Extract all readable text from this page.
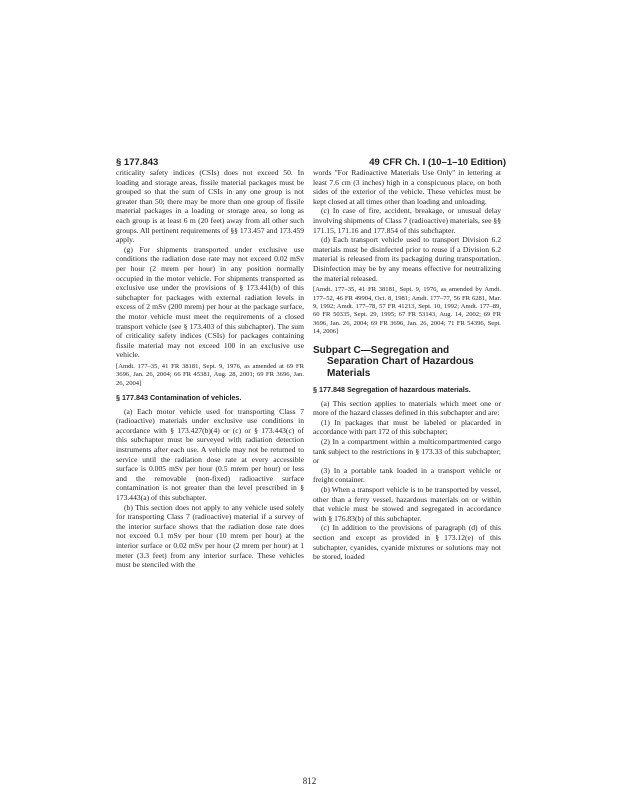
§ 177.843	49 CFR Ch. I (10–1–10 Edition)

criticality safety indices (CSIs) does not exceed 50. In loading and storage areas, fissile material packages must be grouped so that the sum of CSIs in any one group is not greater than 50; there may be more than one group of fissile material packages in a loading or storage area, so long as each group is at least 6 m (20 feet) away from all other such groups. All pertinent requirements of §§ 173.457 and 173.459 apply.

(g) For shipments transported under exclusive use conditions the radiation dose rate may not exceed 0.02 mSv per hour (2 mrem per hour) in any position normally occupied in the motor vehicle. For shipments transported as exclusive use under the provisions of § 173.441(b) of this subchapter for packages with external radiation levels in excess of 2 mSv (200 mrem) per hour at the package surface, the motor vehicle must meet the requirements of a closed transport vehicle (see § 173.403 of this subchapter). The sum of criticality safety indices (CSIs) for packages containing fissile material may not exceed 100 in an exclusive use vehicle.

[Amdt. 177–35, 41 FR 38181, Sept. 9, 1976, as amended at 69 FR 3696, Jan. 26, 2004; 66 FR 45381, Aug. 28, 2001; 69 FR 3696, Jan. 26, 2004]

§ 177.843 Contamination of vehicles.

(a) Each motor vehicle used for transporting Class 7 (radioactive) materials under exclusive use conditions in accordance with § 173.427(b)(4) or (c) or § 173.443(c) of this subchapter must be surveyed with radiation detection instruments after each use. A vehicle may not be returned to service until the radiation dose rate at every accessible surface is 0.005 mSv per hour (0.5 mrem per hour) or less and the removable (non-fixed) radioactive surface contamination is not greater than the level prescribed in § 173.443(a) of this subchapter.

(b) This section does not apply to any vehicle used solely for transporting Class 7 (radioactive) material if a survey of the interior surface shows that the radiation dose rate does not exceed 0.1 mSv per hour (10 mrem per hour) at the interior surface or 0.02 mSv per hour (2 mrem per hour) at 1 meter (3.3 feet) from any interior surface. These vehicles must be stenciled with the

words "For Radioactive Materials Use Only" in lettering at least 7.6 cm (3 inches) high in a conspicuous place, on both sides of the exterior of the vehicle. These vehicles must be kept closed at all times other than loading and unloading.

(c) In case of fire, accident, breakage, or unusual delay involving shipments of Class 7 (radioactive) materials, see §§ 171.15, 171.16 and 177.854 of this subchapter.

(d) Each transport vehicle used to transport Division 6.2 materials must be disinfected prior to reuse if a Division 6.2 material is released from its packaging during transportation. Disinfection may be by any means effective for neutralizing the material released.

[Amdt. 177–35, 41 FR 38181, Sept. 9, 1976, as amended by Amdt. 177–52, 46 FR 49904, Oct. 8, 1981; Amdt. 177–77, 56 FR 6281, Mar. 9, 1992; Amdt. 177–78, 57 FR 41213, Sept. 10, 1992; Amdt. 177–89, 60 FR 50335, Sept. 29, 1995; 67 FR 53143, Aug. 14, 2002; 69 FR 3696, Jan. 26, 2004; 69 FR 3696, Jan. 26, 2004; 71 FR 54396, Sept. 14, 2006]

Subpart C—Segregation and Separation Chart of Hazardous Materials

§ 177.848 Segregation of hazardous materials.

(a) This section applies to materials which meet one or more of the hazard classes defined in this subchapter and are:

(1) In packages that must be labeled or placarded in accordance with part 172 of this subchapter;

(2) In a compartment within a multicompartmented cargo tank subject to the restrictions in § 173.33 of this subchapter; or

(3) In a portable tank loaded in a transport vehicle or freight container.

(b) When a transport vehicle is to be transported by vessel, other than a ferry vessel, hazardous materials on or within that vehicle must be stowed and segregated in accordance with § 176.83(b) of this subchapter.

(c) In addition to the provisions of paragraph (d) of this section and except as provided in § 173.12(e) of this subchapter, cyanides, cyanide mixtures or solutions may not be stored, loaded

812
